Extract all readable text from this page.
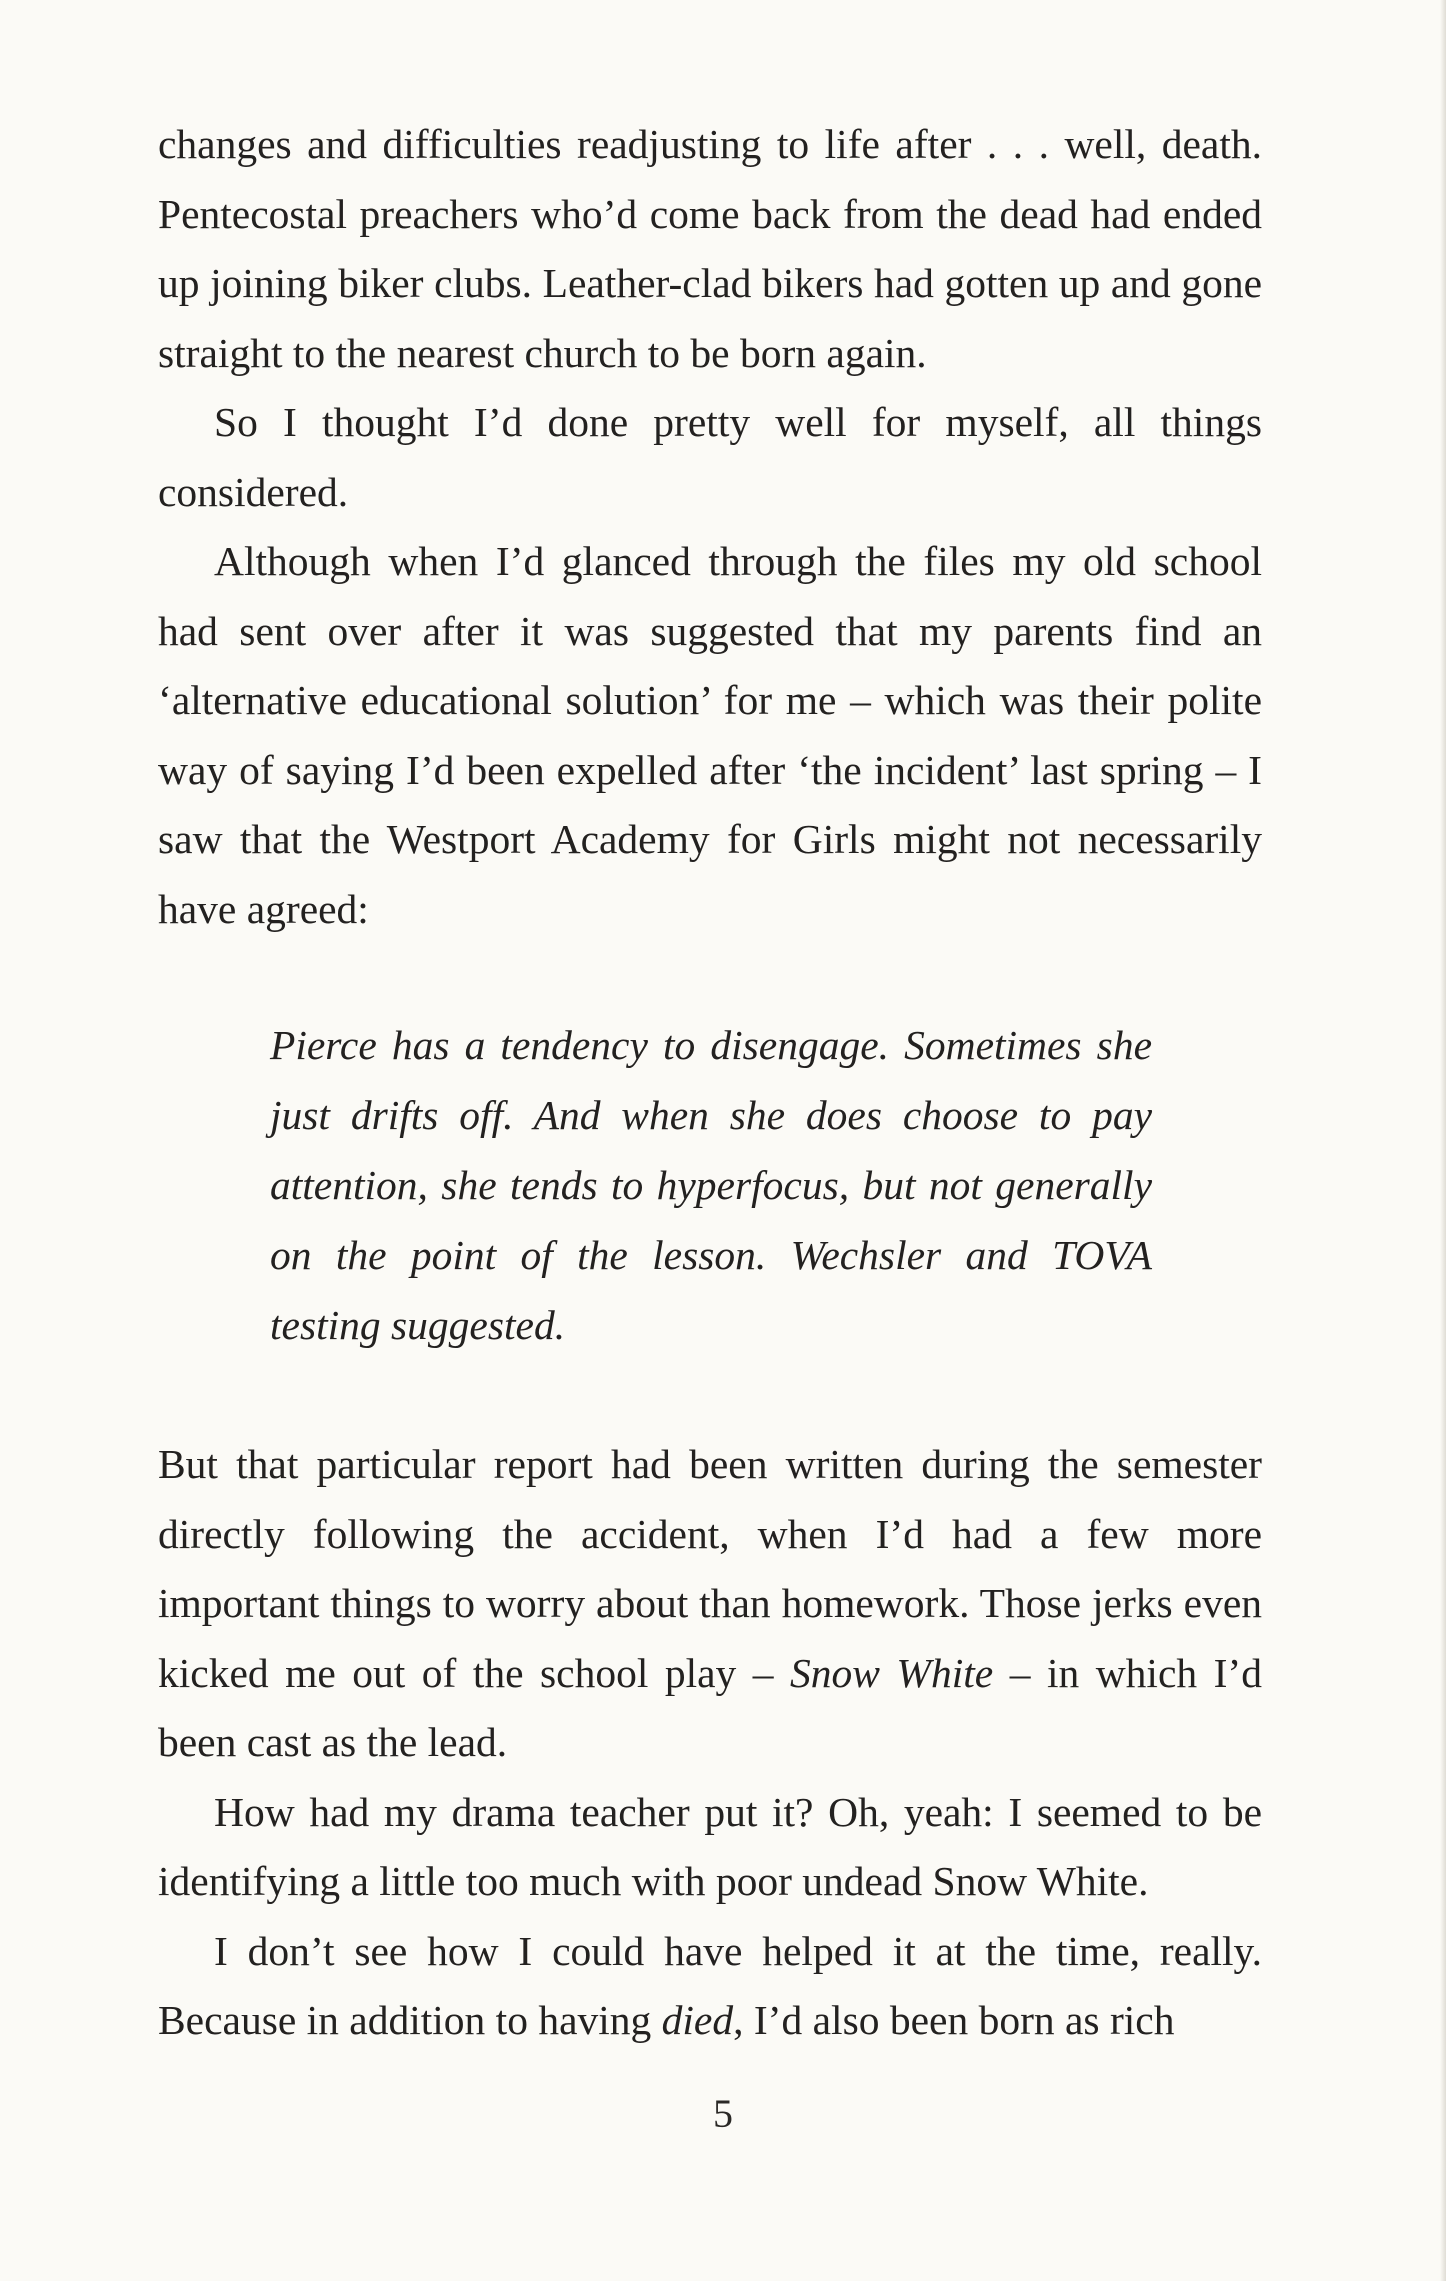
changes and difficulties readjusting to life after . . . well, death. Pentecostal preachers who’d come back from the dead had ended up joining biker clubs. Leather-clad bikers had gotten up and gone straight to the nearest church to be born again.

So I thought I’d done pretty well for myself, all things considered.

Although when I’d glanced through the files my old school had sent over after it was suggested that my parents find an ‘alternative educational solution’ for me – which was their polite way of saying I’d been expelled after ‘the incident’ last spring – I saw that the Westport Academy for Girls might not necessarily have agreed:

Pierce has a tendency to disengage. Sometimes she just drifts off. And when she does choose to pay attention, she tends to hyperfocus, but not generally on the point of the lesson. Wechsler and TOVA testing suggested.

But that particular report had been written during the semester directly following the accident, when I’d had a few more important things to worry about than homework. Those jerks even kicked me out of the school play – Snow White – in which I’d been cast as the lead.

How had my drama teacher put it? Oh, yeah: I seemed to be identifying a little too much with poor undead Snow White.

I don’t see how I could have helped it at the time, really. Because in addition to having died, I’d also been born as rich

5
